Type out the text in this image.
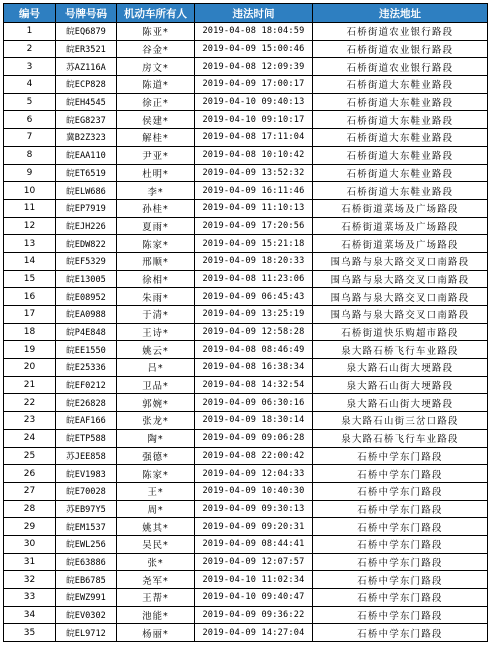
编号	号牌号码	机动车所有人	违法时间	违法地址
1	皖EQ6879	陈亚*	2019-04-08 18:04:59	石桥街道农业银行路段
2	皖ER3521	谷金*	2019-04-09 15:00:46	石桥街道农业银行路段
3	苏AZ116A	房文*	2019-04-08 12:09:39	石桥街道农业银行路段
4	皖ECP828	陈道*	2019-04-09 17:00:17	石桥街道大东鞋业路段
5	皖EH4545	徐正*	2019-04-10 09:40:13	石桥街道大东鞋业路段
6	皖EG8237	侯建*	2019-04-10 09:10:17	石桥街道大东鞋业路段
7	冀B2Z323	解桂*	2019-04-08 17:11:04	石桥街道大东鞋业路段
8	皖EAA110	尹亚*	2019-04-08 10:10:42	石桥街道大东鞋业路段
9	皖ET6519	杜明*	2019-04-09 13:52:32	石桥街道大东鞋业路段
10	皖ELW686	李*	2019-04-09 16:11:46	石桥街道大东鞋业路段
11	皖EP7919	孙桂*	2019-04-09 11:10:13	石桥街道菜场及广场路段
12	皖EJH226	夏雨*	2019-04-09 17:20:56	石桥街道菜场及广场路段
13	皖EDW822	陈家*	2019-04-09 15:21:18	石桥街道菜场及广场路段
14	皖EF5329	邢顺*	2019-04-09 18:20:33	围乌路与泉大路交叉口南路段
15	皖E13005	徐相*	2019-04-08 11:23:06	围乌路与泉大路交叉口南路段
16	皖E08952	朱雨*	2019-04-09 06:45:43	围乌路与泉大路交叉口南路段
17	皖EA0988	于清*	2019-04-09 13:25:19	围乌路与泉大路交叉口南路段
18	皖P4E848	王诗*	2019-04-09 12:58:28	石桥街道快乐购超市路段
19	皖EE1550	姚云*	2019-04-08 08:46:49	泉大路石桥飞行车业路段
20	皖E25336	吕*	2019-04-08 16:38:34	泉大路石山街大埂路段
21	皖EF0212	卫品*	2019-04-08 14:32:54	泉大路石山街大埂路段
22	皖E26828	郭婉*	2019-04-09 06:30:16	泉大路石山街大埂路段
23	皖EAF166	张龙*	2019-04-09 18:30:14	泉大路石山街三岔口路段
24	皖ETP588	陶*	2019-04-09 09:06:28	泉大路石桥飞行车业路段
25	苏JEE858	强德*	2019-04-08 22:00:42	石桥中学东门路段
26	皖EV1983	陈家*	2019-04-09 12:04:33	石桥中学东门路段
27	皖E70028	王*	2019-04-09 10:40:30	石桥中学东门路段
28	苏EB97Y5	周*	2019-04-09 09:30:13	石桥中学东门路段
29	皖EM1537	姚其*	2019-04-09 09:20:31	石桥中学东门路段
30	皖EWL256	吴民*	2019-04-09 08:44:41	石桥中学东门路段
31	皖E63886	张*	2019-04-09 12:07:57	石桥中学东门路段
32	皖EB6785	尧军*	2019-04-10 11:02:34	石桥中学东门路段
33	皖EWZ991	王帮*	2019-04-10 09:40:47	石桥中学东门路段
34	皖EV0302	池能*	2019-04-09 09:36:22	石桥中学东门路段
35	皖EL9712	杨丽*	2019-04-09 14:27:04	石桥中学东门路段
